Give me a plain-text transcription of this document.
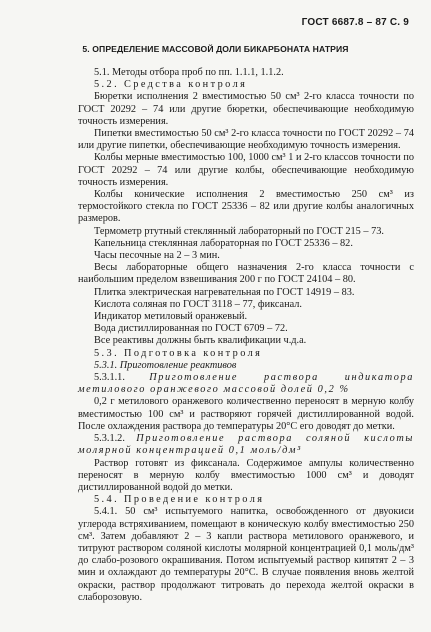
ГОСТ 6687.8 – 87 С. 9
5. ОПРЕДЕЛЕНИЕ МАССОВОЙ ДОЛИ БИКАРБОНАТА НАТРИЯ

5.1. Методы отбора проб по пп. 1.1.1, 1.1.2.

5.2. Средства контроля

Бюретки исполнения 2 вместимостью 50 см³ 2-го класса точности по ГОСТ 20292 – 74 или другие бюретки, обеспечивающие необходимую точность измерения.

Пипетки вместимостью 50 см³ 2-го класса точности по ГОСТ 20292 – 74 или другие пипетки, обеспечивающие необходимую точность измерения.

Колбы мерные вместимостью 100, 1000 см³ 1 и 2-го классов точности по ГОСТ 20292 – 74 или другие колбы, обеспечивающие необходимую точность измерения.

Колбы конические исполнения 2 вместимостью 250 см³ из термостойкого стекла по ГОСТ 25336 – 82 или другие колбы аналогичных размеров.

Термометр ртутный стеклянный лабораторный по ГОСТ 215 – 73.

Капельница стеклянная лабораторная по ГОСТ 25336 – 82.

Часы песочные на 2 – 3 мин.

Весы лабораторные общего назначения 2-го класса точности с наибольшим пределом взвешивания 200 г по ГОСТ 24104 – 80.

Плитка электрическая нагревательная по ГОСТ 14919 – 83.

Кислота соляная по ГОСТ 3118 – 77, фиксанал.

Индикатор метиловый оранжевый.

Вода дистиллированная по ГОСТ 6709 – 72.

Все реактивы должны быть квалификации ч.д.а.

5.3. Подготовка контроля

5.3.1. Приготовление реактивов

5.3.1.1. Приготовление раствора индикатора метилового оранжевого массовой долей 0,2 %

0,2 г метилового оранжевого количественно переносят в мерную колбу вместимостью 100 см³ и растворяют горячей дистиллированной водой. После охлаждения раствора до температуры 20°С его доводят до метки.

5.3.1.2. Приготовление раствора соляной кислоты молярной концентрацией 0,1 моль/дм³

Раствор готовят из фиксанала. Содержимое ампулы количественно переносят в мерную колбу вместимостью 1000 см³ и доводят дистиллированной водой до метки.

5.4. Проведение контроля

5.4.1. 50 см³ испытуемого напитка, освобожденного от двуокиси углерода встряхиванием, помещают в коническую колбу вместимостью 250 см³. Затем добавляют 2 – 3 капли раствора метилового оранжевого, и титруют раствором соляной кислоты молярной концентрацией 0,1 моль/дм³ до слабо-розового окрашивания. Потом испытуемый раствор кипятят 2 – 3 мин и охлаждают до температуры 20°С. В случае появления вновь желтой окраски, раствор продолжают титровать до перехода желтой окраски в слаборозовую.
